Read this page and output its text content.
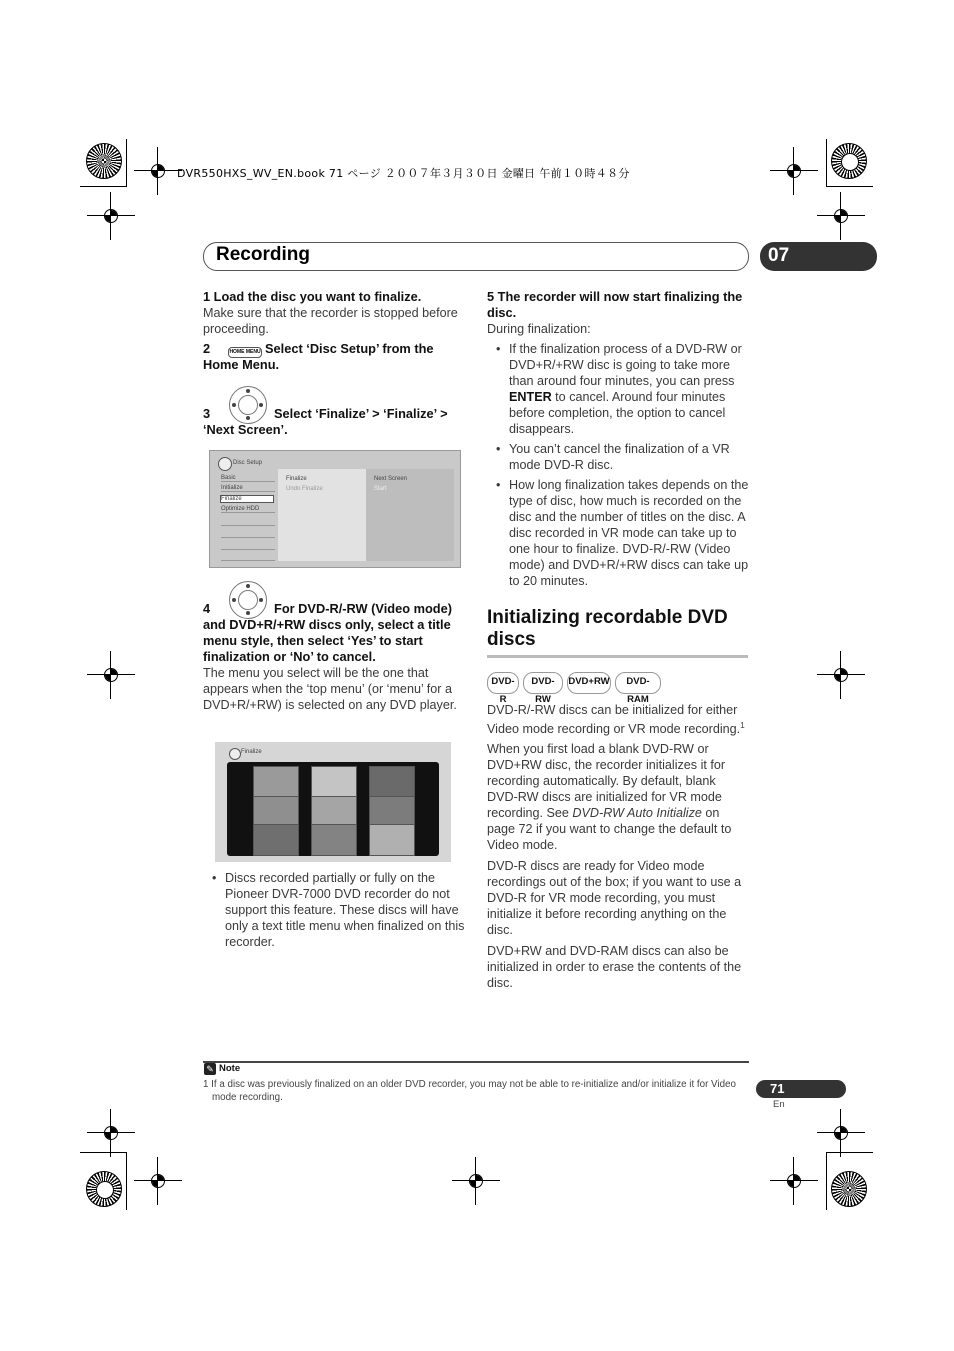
DVR550HXS_WV_EN.book 71 ページ ２００７年３月３０日 金曜日 午前１０時４８分
Recording	07
1 Load the disc you want to finalize.
Make sure that the recorder is stopped before proceeding.
2	HOME MENU Select ‘Disc Setup’ from the Home Menu.
3	Select ‘Finalize’ > ‘Finalize’ > ‘Next Screen’.
Disc Setup
Basic
Initialize
Finalize
Optimize HDD
Finalize
Undo Finalize
Next Screen
Start
4	For DVD-R/-RW (Video mode) and DVD+R/+RW discs only, select a title menu style, then select ‘Yes’ to start finalization or ‘No’ to cancel.
The menu you select will be the one that appears when the ‘top menu’ (or ‘menu’ for a DVD+R/+RW) is selected on any DVD player.
Finalize
• Discs recorded partially or fully on the Pioneer DVR-7000 DVD recorder do not support this feature. These discs will have only a text title menu when finalized on this recorder.
5 The recorder will now start finalizing the disc.
During finalization:
• If the finalization process of a DVD-RW or DVD+R/+RW disc is going to take more than around four minutes, you can press ENTER to cancel. Around four minutes before completion, the option to cancel disappears.
• You can’t cancel the finalization of a VR mode DVD-R disc.
• How long finalization takes depends on the type of disc, how much is recorded on the disc and the number of titles on the disc. A disc recorded in VR mode can take up to one hour to finalize. DVD-R/-RW (Video mode) and DVD+R/+RW discs can take up to 20 minutes.
Initializing recordable DVD discs
DVD-R
DVD-RW
DVD+RW	DVD-RAM
DVD-R/-RW discs can be initialized for either Video mode recording or VR mode recording.$^1$
When you first load a blank DVD-RW or DVD+RW disc, the recorder initializes it for recording automatically. By default, blank DVD-RW discs are initialized for VR mode recording. See DVD-RW Auto Initialize on page 72 if you want to change the default to Video mode.
DVD-R discs are ready for Video mode recordings out of the box; if you want to use a DVD-R for VR mode recording, you must initialize it before recording anything on the disc.
DVD+RW and DVD-RAM discs can also be initialized in order to erase the contents of the disc.
✎ Note
1 If a disc was previously finalized on an older DVD recorder, you may not be able to re-initialize and/or initialize it for Video mode recording.
71
En
